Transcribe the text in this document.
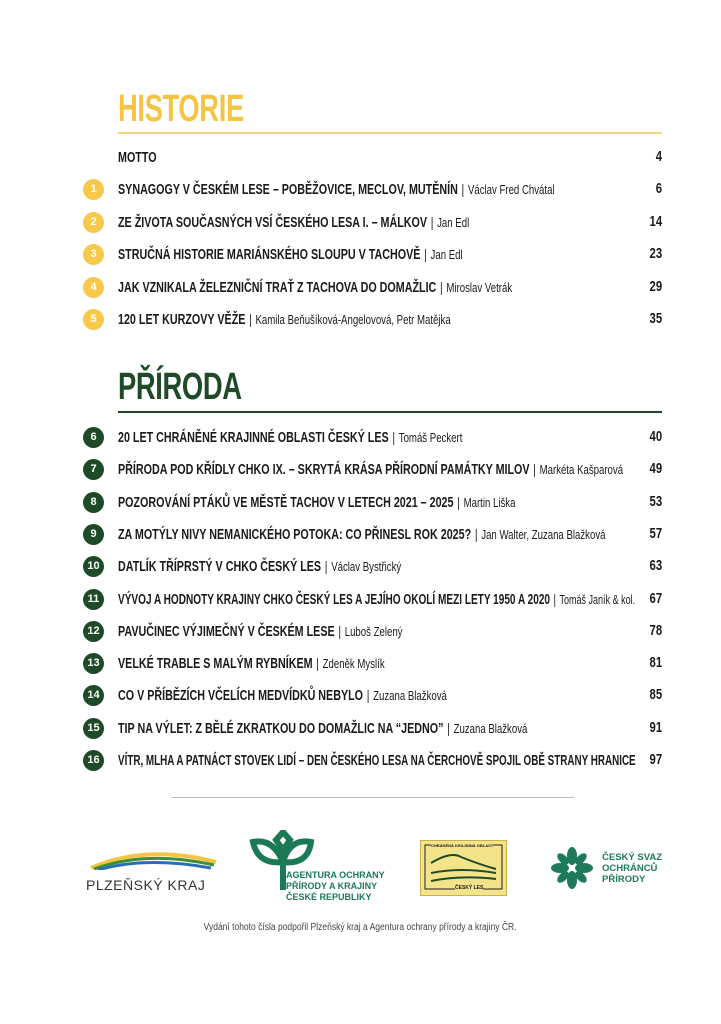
HISTORIE
MOTTO	4
1	SYNAGOGY V ČESKÉM LESE – POBĚŽOVICE, MECLOV, MUTĚNÍN | Václav Fred Chvátal	6
2	ZE ŽIVOTA SOUČASNÝCH VSÍ ČESKÉHO LESA I. – MÁLKOV | Jan Edl	14
3	STRUČNÁ HISTORIE MARIÁNSKÉHO SLOUPU V TACHOVĚ | Jan Edl	23
4	JAK VZNIKALA ŽELEZNIČNÍ TRAŤ Z TACHOVA DO DOMAŽLIC | Miroslav Vetrák	29
5	120 LET KURZOVY VĚŽE | Kamila Beňušíková-Angelovová, Petr Matějka	35
PŘÍRODA
6	20 LET CHRÁNĚNÉ KRAJINNÉ OBLASTI ČESKÝ LES | Tomáš Peckert	40
7	PŘÍRODA POD KŘÍDLY CHKO IX. – SKRYTÁ KRÁSA PŘÍRODNÍ PAMÁTKY MILOV | Markéta Kašparová 49
8	POZOROVÁNÍ PTÁKŮ VE MĚSTĚ TACHOV V LETECH 2021 – 2025 | Martin Liška	53
9	ZA MOTÝLY NIVY NEMANICKÉHO POTOKA: CO PŘINESL ROK 2025? | Jan Walter, Zuzana Blažková	57
10	DATLÍK TŘÍPRSTÝ V CHKO ČESKÝ LES | Václav Bystřický	63
11	VÝVOJ A HODNOTY KRAJINY CHKO ČESKÝ LES A JEJÍHO OKOLÍ MEZI LETY 1950 A 2020 | Tomáš Janík & kol. 67
12	PAVUČINEC VÝJIMEČNÝ V ČESKÉM LESE | Luboš Zelený	78
13	VELKÉ TRABLE S MALÝM RYBNÍKEM | Zdeněk Myslík	81
14	CO V PŘÍBĚZÍCH VČELÍCH MEDVÍDKŮ NEBYLO | Zuzana Blažková	85
15	TIP NA VÝLET: Z BĚLÉ ZKRATKOU DO DOMAŽLIC NA “JEDNO” | Zuzana Blažková	91
16	VÍTR, MLHA A PATNÁCT STOVEK LIDÍ – DEN ČESKÉHO LESA NA ČERCHOVĚ SPOJIL OBĚ STRANY HRANICE 97
PLZEŇSKÝ KRAJ
AGENTURA OCHRANY
PŘÍRODY A KRAJINY
ČESKÉ REPUBLIKY
CHRÁNĚNÁ KRAJINNÁ OBLAST
ČESKÝ LES
ČESKÝ SVAZ
OCHRÁNCŮ
PŘÍRODY
Vydání tohoto čísla podpořil Plzeňský kraj a Agentura ochrany přírody a krajiny ČR.
